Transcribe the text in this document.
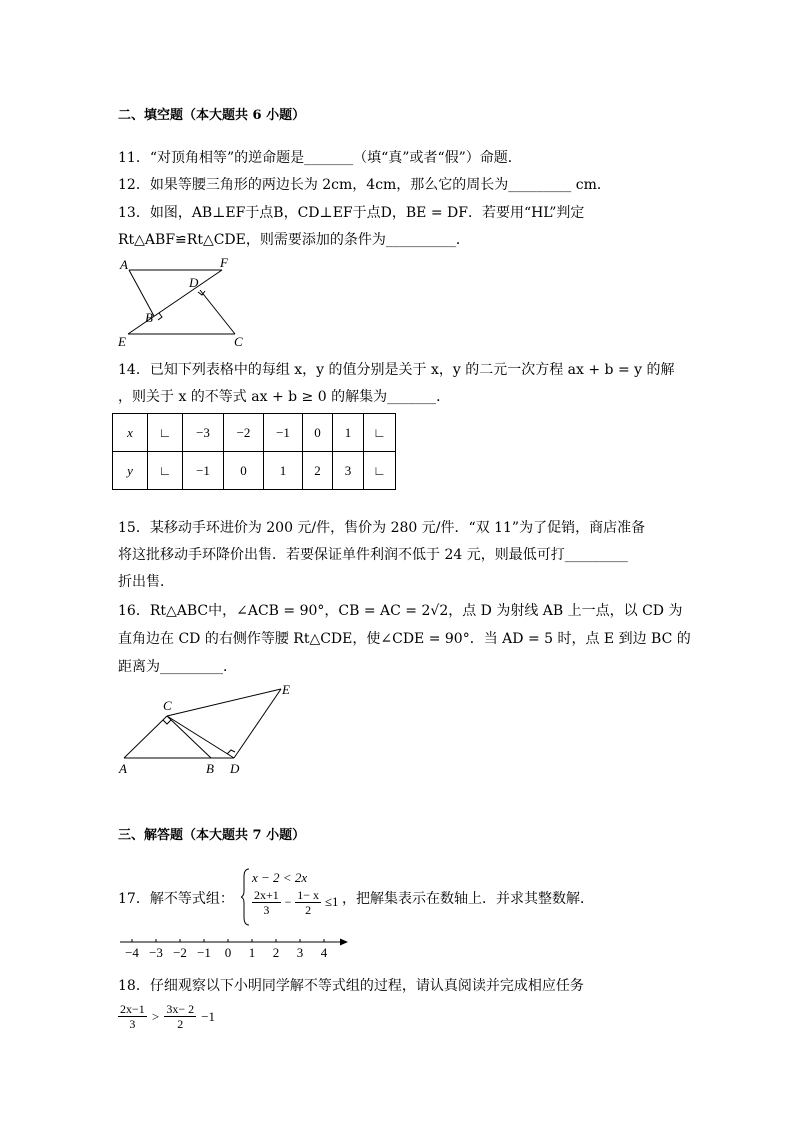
二、填空题（本大题共 6 小题）
11．“对顶角相等”的逆命题是_______（填“真”或者“假”）命题．
12．如果等腰三角形的两边长为 2cm，4cm，那么它的周长为_________ cm．
13．如图，AB⊥EF于点B，CD⊥EF于点D，BE = DF．若要用“HL”判定
Rt△ABF≌Rt△CDE，则需要添加的条件为__________．
A	F
D
B
E	C
14．已知下列表格中的每组 x，y 的值分别是关于 x，y 的二元一次方程 ax + b = y 的解
，则关于 x 的不等式 ax + b ≥ 0 的解集为_______．
x	∟	−3	−2	−1	0	1	∟
y	∟	−1	0	1	2	3	∟
15．某移动手环进价为 200 元/件，售价为 280 元/件．“双 11”为了促销，商店准备
将这批移动手环降价出售．若要保证单件利润不低于 24 元，则最低可打_________
折出售．
16．Rt△ABC中，∠ACB = 90°，CB = AC = 2√2，点 D 为射线 AB 上一点，以 CD 为
直角边在 CD 的右侧作等腰 Rt△CDE，使∠CDE = 90°．当 AD = 5 时，点 E 到边 BC 的
距离为_________．
C
E
A	B D
三、解答题（本大题共 7 小题）
17．解不等式组：
x − 2 < 2x
$\frac{2x+1}{3} - \frac{1- x}{2} \le 1$ ，把解集表示在数轴上．并求其整数解．
−4 −3 −2 −1 0 1 2 3 4
18．仔细观察以下小明同学解不等式组的过程，请认真阅读并完成相应任务
$\frac{2x-1}{3} > \frac{3x- 2}{2} -1$
